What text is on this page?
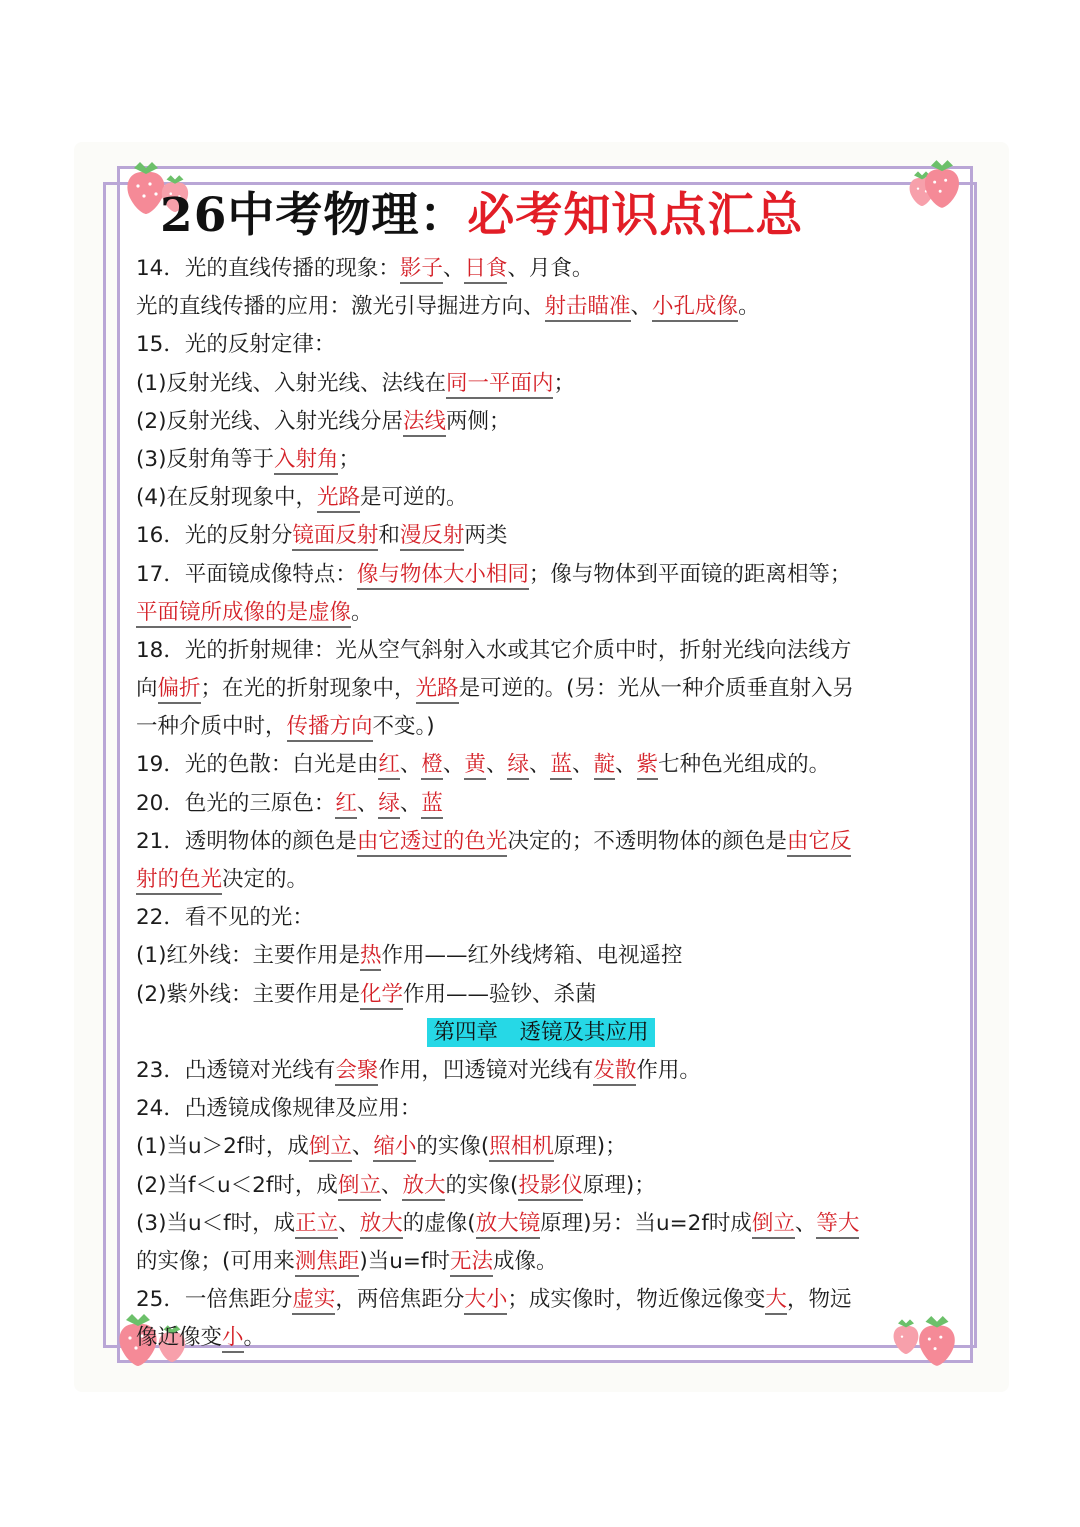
26中考物理：必考知识点汇总
14．光的直线传播的现象：影子、日食、月食。
光的直线传播的应用：激光引导掘进方向、射击瞄准、小孔成像。
15．光的反射定律：
(1)反射光线、入射光线、法线在同一平面内；
(2)反射光线、入射光线分居法线两侧；
(3)反射角等于入射角；
(4)在反射现象中，光路是可逆的。
16．光的反射分镜面反射和漫反射两类
17．平面镜成像特点：像与物体大小相同；像与物体到平面镜的距离相等；
平面镜所成像的是虚像。
18．光的折射规律：光从空气斜射入水或其它介质中时，折射光线向法线方
向偏折；在光的折射现象中，光路是可逆的。(另：光从一种介质垂直射入另
一种介质中时，传播方向不变。)
19．光的色散：白光是由红、橙、黄、绿、蓝、靛、紫七种色光组成的。
20．色光的三原色：红、绿、蓝
21．透明物体的颜色是由它透过的色光决定的；不透明物体的颜色是由它反
射的色光决定的。
22．看不见的光：
(1)红外线：主要作用是热作用——红外线烤箱、电视遥控
(2)紫外线：主要作用是化学作用——验钞、杀菌
第四章　透镜及其应用
23．凸透镜对光线有会聚作用，凹透镜对光线有发散作用。
24．凸透镜成像规律及应用：
(1)当u＞2f时，成倒立、缩小的实像(照相机原理)；
(2)当f＜u＜2f时，成倒立、放大的实像(投影仪原理)；
(3)当u＜f时，成正立、放大的虚像(放大镜原理)另：当u=2f时成倒立、等大
的实像；(可用来测焦距)当u=f时无法成像。
25．一倍焦距分虚实，两倍焦距分大小；成实像时，物近像远像变大，物远
像近像变小。
